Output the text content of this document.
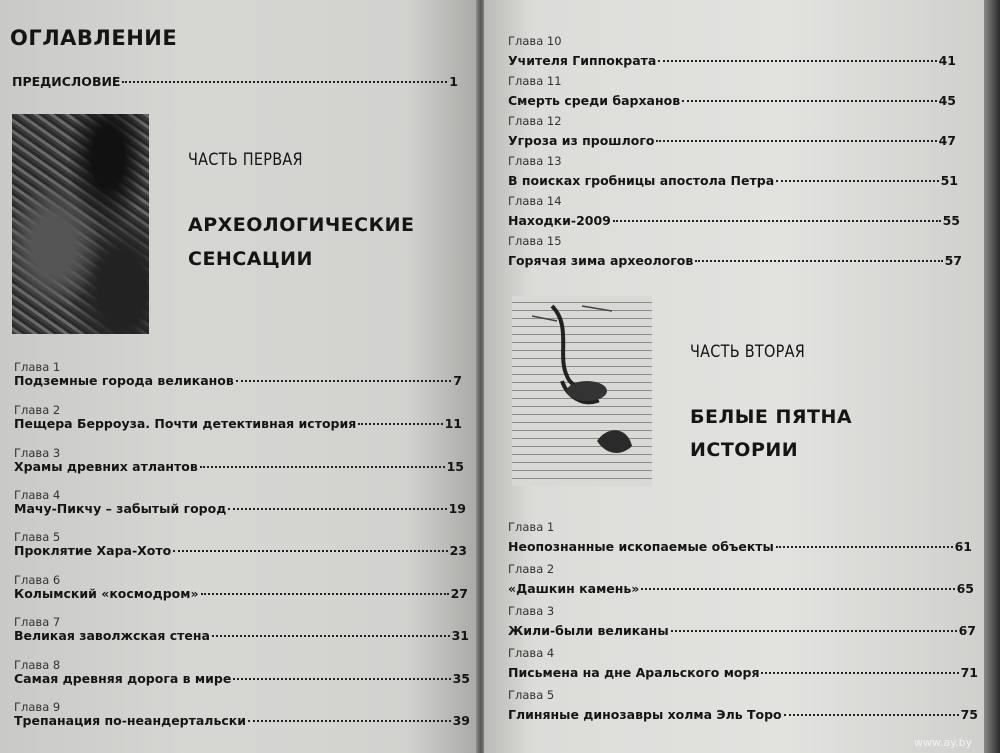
ОГЛАВЛЕНИЕ
ПРЕДИСЛОВИЕ	1
ЧАСТЬ ПЕРВАЯ
АРХЕОЛОГИЧЕСКИЕ
СЕНСАЦИИ
Глава 1
Подземные города великанов	7
Глава 2
Пещера Берроуза. Почти детективная история	11
Глава 3
Храмы древних атлантов	15
Глава 4
Мачу-Пикчу – забытый город	19
Глава 5
Проклятие Хара-Хото	23
Глава 6
Колымский «космодром»	27
Глава 7
Великая заволжская стена	31
Глава 8
Самая древняя дорога в мире	35
Глава 9
Трепанация по-неандертальски	39
Глава 10
Учителя Гиппократа	41
Глава 11
Смерть среди барханов	45
Глава 12
Угроза из прошлого	47
Глава 13
В поисках гробницы апостола Петра	51
Глава 14
Находки-2009	55
Глава 15
Горячая зима археологов	57
ЧАСТЬ ВТОРАЯ
БЕЛЫЕ ПЯТНА
ИСТОРИИ
Глава 1
Неопознанные ископаемые объекты	61
Глава 2
«Дашкин камень»	65
Глава 3
Жили-были великаны	67
Глава 4
Письмена на дне Аральского моря	71
Глава 5
Глиняные динозавры холма Эль Торо	75
www.ay.by
